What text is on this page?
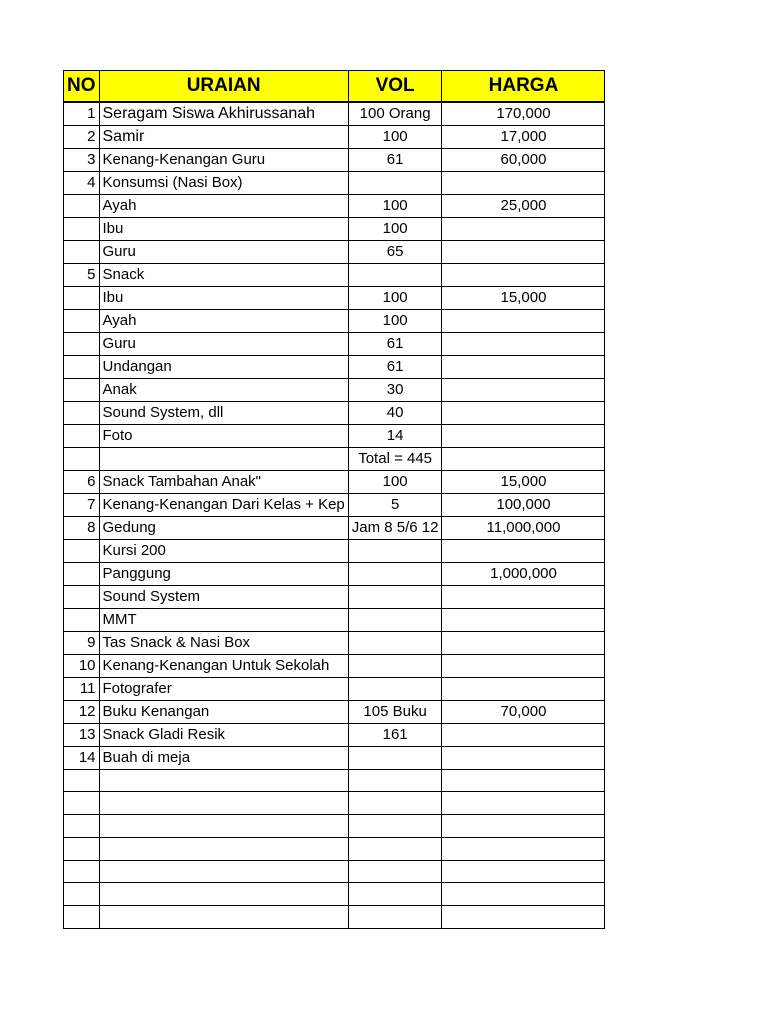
NO	URAIAN	VOL	HARGA
1	Seragam Siswa Akhirussanah	100 Orang	170,000
2	Samir	100	17,000
3	Kenang-Kenangan Guru	61	60,000
4	Konsumsi (Nasi Box)		
	Ayah	100	25,000
	Ibu	100	
	Guru	65	
5	Snack		
	Ibu	100	15,000
	Ayah	100	
	Guru	61	
	Undangan	61	
	Anak	30	
	Sound System, dll	40	
	Foto	14	
		Total = 445	
6	Snack Tambahan Anak"	100	15,000
7	Kenang-Kenangan Dari Kelas + Kep	5	100,000
8	Gedung	Jam 8 5/6 12	11,000,000
	Kursi 200		
	Panggung		1,000,000
	Sound System		
	MMT		
9	Tas Snack & Nasi Box		
10	Kenang-Kenangan Untuk Sekolah		
11	Fotografer		
12	Buku Kenangan	105 Buku	70,000
13	Snack Gladi Resik	161	
14	Buah di meja		
